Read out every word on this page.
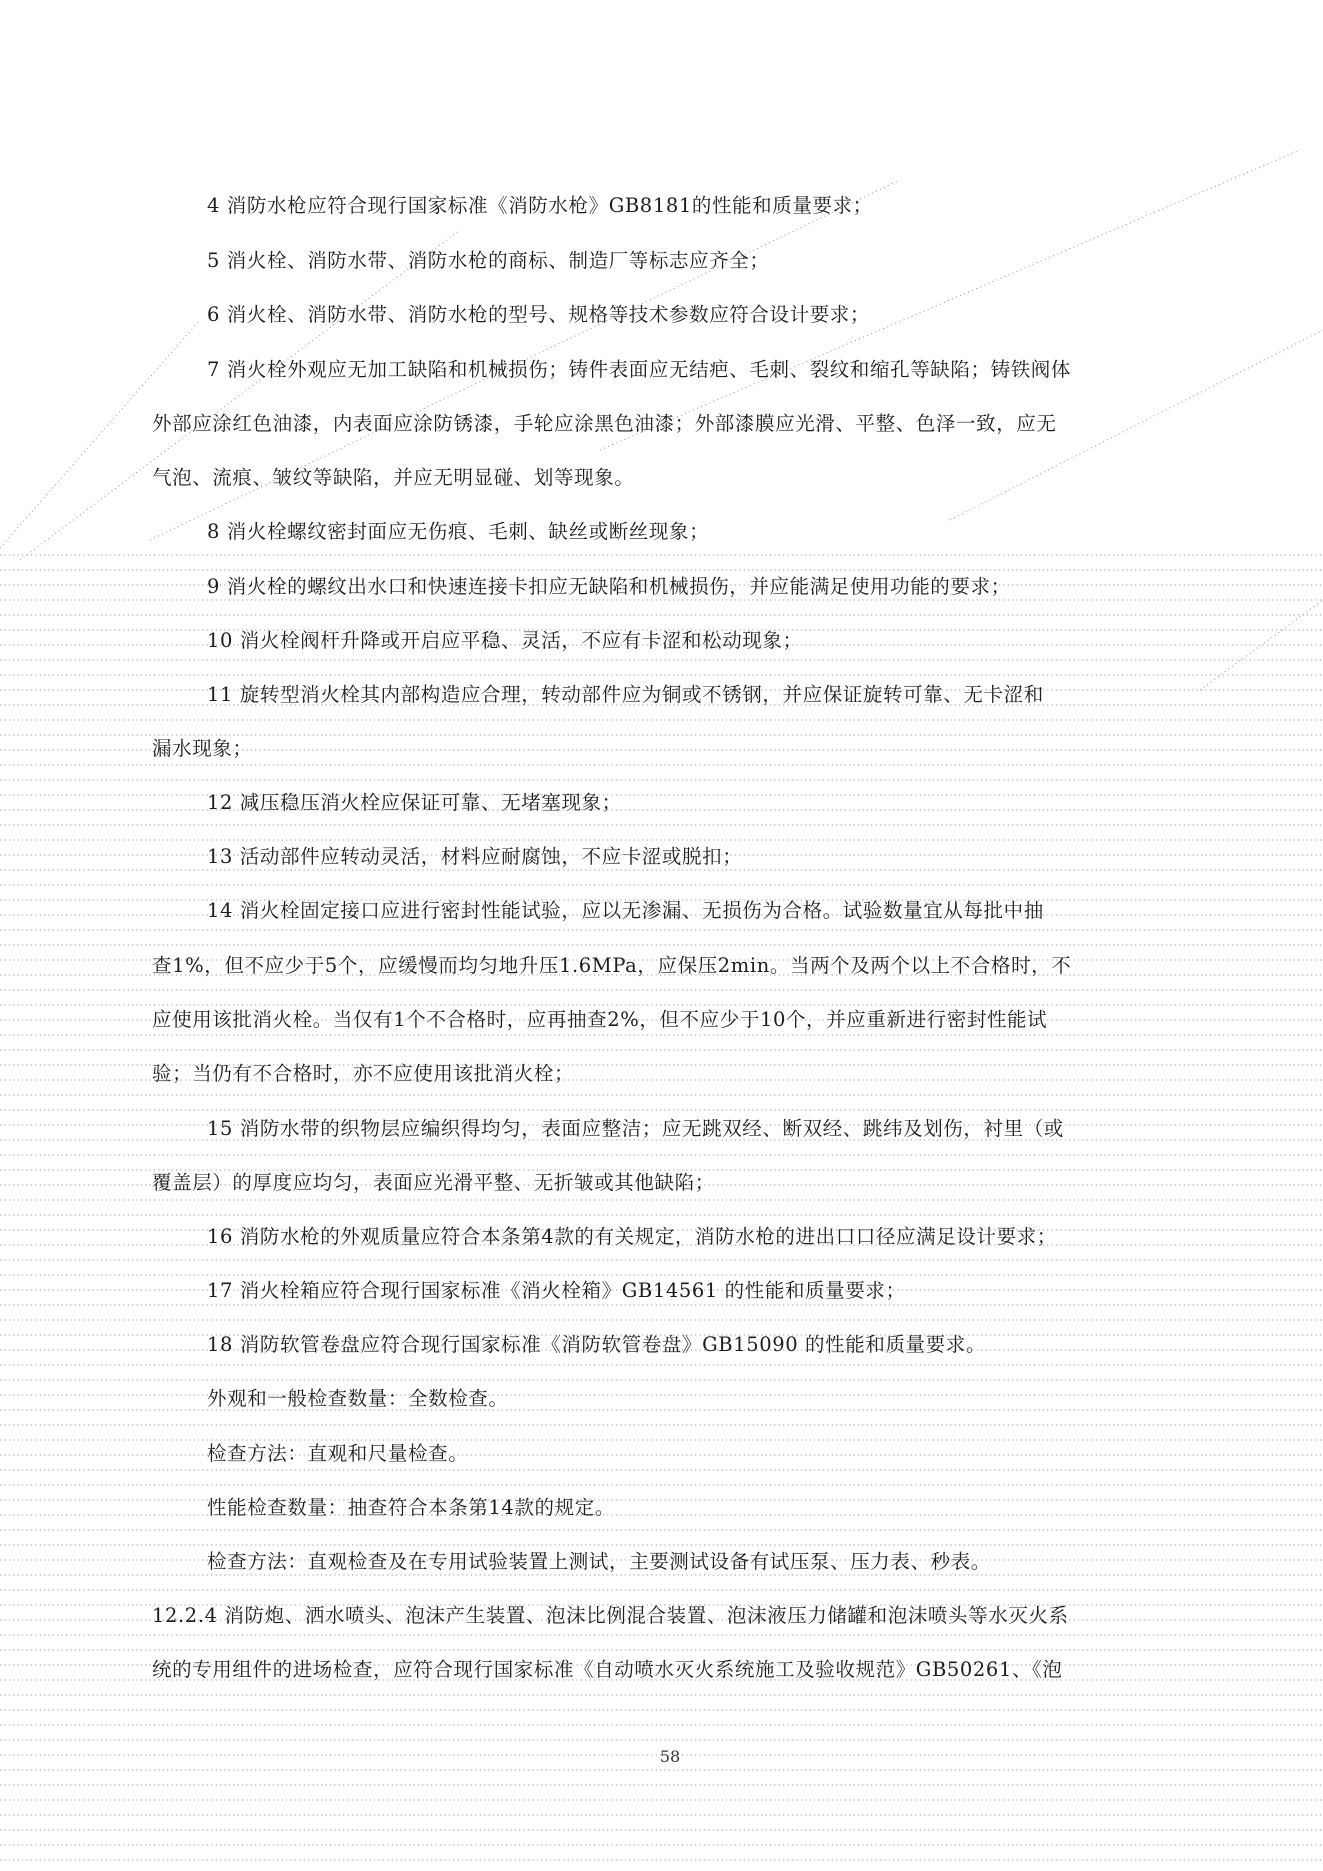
4 消防水枪应符合现行国家标准《消防水枪》GB8181的性能和质量要求；
5 消火栓、消防水带、消防水枪的商标、制造厂等标志应齐全；
6 消火栓、消防水带、消防水枪的型号、规格等技术参数应符合设计要求；
7 消火栓外观应无加工缺陷和机械损伤；铸件表面应无结疤、毛刺、裂纹和缩孔等缺陷；铸铁阀体
外部应涂红色油漆，内表面应涂防锈漆，手轮应涂黑色油漆；外部漆膜应光滑、平整、色泽一致，应无
气泡、流痕、皱纹等缺陷，并应无明显碰、划等现象。
8 消火栓螺纹密封面应无伤痕、毛刺、缺丝或断丝现象；
9 消火栓的螺纹出水口和快速连接卡扣应无缺陷和机械损伤，并应能满足使用功能的要求；
10 消火栓阀杆升降或开启应平稳、灵活，不应有卡涩和松动现象；
11 旋转型消火栓其内部构造应合理，转动部件应为铜或不锈钢，并应保证旋转可靠、无卡涩和
漏水现象；
12 减压稳压消火栓应保证可靠、无堵塞现象；
13 活动部件应转动灵活，材料应耐腐蚀，不应卡涩或脱扣；
14 消火栓固定接口应进行密封性能试验，应以无渗漏、无损伤为合格。试验数量宜从每批中抽
查1%，但不应少于5个，应缓慢而均匀地升压1.6MPa，应保压2min。当两个及两个以上不合格时，不
应使用该批消火栓。当仅有1个不合格时，应再抽查2%，但不应少于10个，并应重新进行密封性能试
验；当仍有不合格时，亦不应使用该批消火栓；
15 消防水带的织物层应编织得均匀，表面应整洁；应无跳双经、断双经、跳纬及划伤，衬里（或
覆盖层）的厚度应均匀，表面应光滑平整、无折皱或其他缺陷；
16 消防水枪的外观质量应符合本条第4款的有关规定，消防水枪的进出口口径应满足设计要求；
17 消火栓箱应符合现行国家标准《消火栓箱》GB14561 的性能和质量要求；
18 消防软管卷盘应符合现行国家标准《消防软管卷盘》GB15090 的性能和质量要求。
外观和一般检查数量：全数检查。
检查方法：直观和尺量检查。
性能检查数量：抽查符合本条第14款的规定。
检查方法：直观检查及在专用试验装置上测试，主要测试设备有试压泵、压力表、秒表。
12.2.4 消防炮、洒水喷头、泡沫产生装置、泡沫比例混合装置、泡沫液压力储罐和泡沫喷头等水灭火系
统的专用组件的进场检查，应符合现行国家标准《自动喷水灭火系统施工及验收规范》GB50261、《泡
58
